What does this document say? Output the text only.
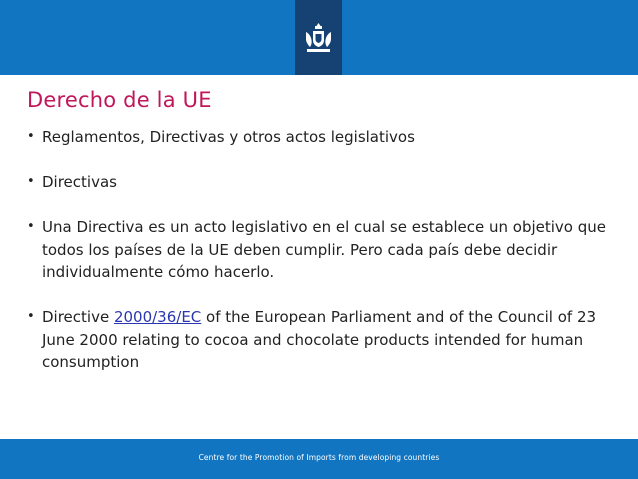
Derecho de la UE
• Reglamentos, Directivas y otros actos legislativos
• Directivas
• Una Directiva es un acto legislativo en el cual se establece un objetivo que todos los países de la UE deben cumplir. Pero cada país debe decidir individualmente cómo hacerlo.
• Directive 2000/36/EC of the European Parliament and of the Council of 23 June 2000 relating to cocoa and chocolate products intended for human consumption
Centre for the Promotion of Imports from developing countries
